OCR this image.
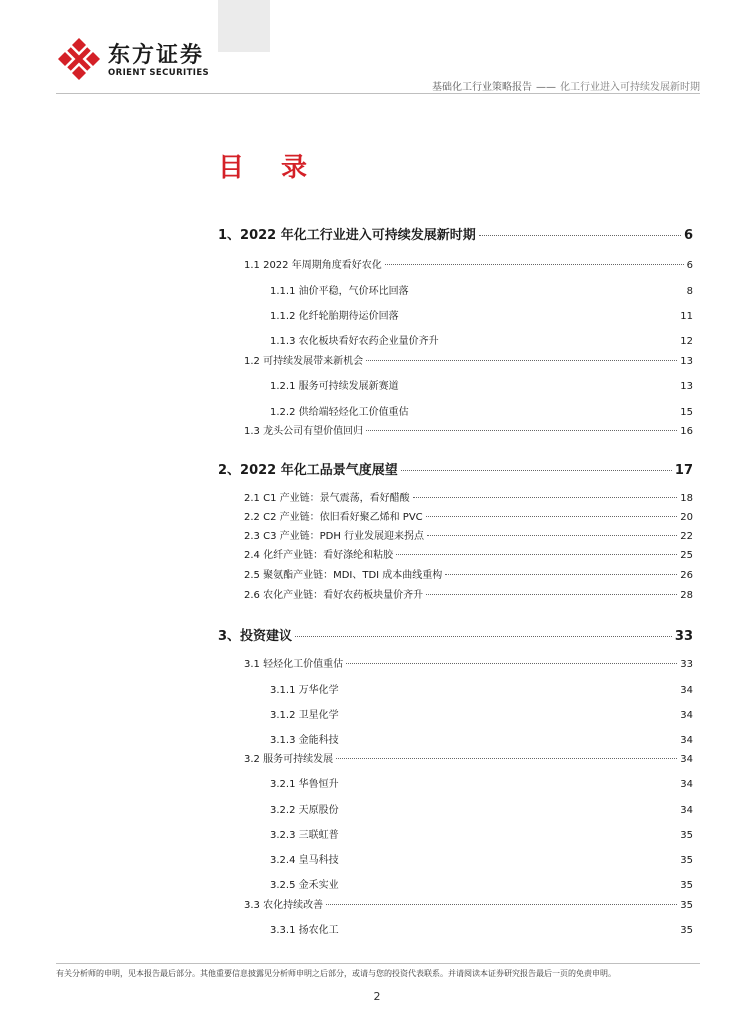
东方证券
ORIENT SECURITIES
基础化工行业策略报告 —— 化工行业进入可持续发展新时期
目 录
1、2022 年化工行业进入可持续发展新时期	6
1.1 2022 年周期角度看好农化	6
1.1.1 油价平稳，气价环比回落	8
1.1.2 化纤轮胎期待运价回落	11
1.1.3 农化板块看好农药企业量价齐升	12
1.2 可持续发展带来新机会	13
1.2.1 服务可持续发展新赛道	13
1.2.2 供给端轻烃化工价值重估	15
1.3 龙头公司有望价值回归	16
2、2022 年化工品景气度展望	17
2.1 C1 产业链：景气震荡，看好醋酸	18
2.2 C2 产业链：依旧看好聚乙烯和 PVC	20
2.3 C3 产业链：PDH 行业发展迎来拐点	22
2.4 化纤产业链：看好涤纶和粘胶	25
2.5 聚氨酯产业链：MDI、TDI 成本曲线重构	26
2.6 农化产业链：看好农药板块量价齐升	28
3、投资建议	33
3.1 轻烃化工价值重估	33
3.1.1 万华化学	34
3.1.2 卫星化学	34
3.1.3 金能科技	34
3.2 服务可持续发展	34
3.2.1 华鲁恒升	34
3.2.2 天原股份	34
3.2.3 三联虹普	35
3.2.4 皇马科技	35
3.2.5 金禾实业	35
3.3 农化持续改善	35
3.3.1 扬农化工	35
有关分析师的申明，见本报告最后部分。其他重要信息披露见分析师申明之后部分，或请与您的投资代表联系。并请阅读本证券研究报告最后一页的免责申明。
2
